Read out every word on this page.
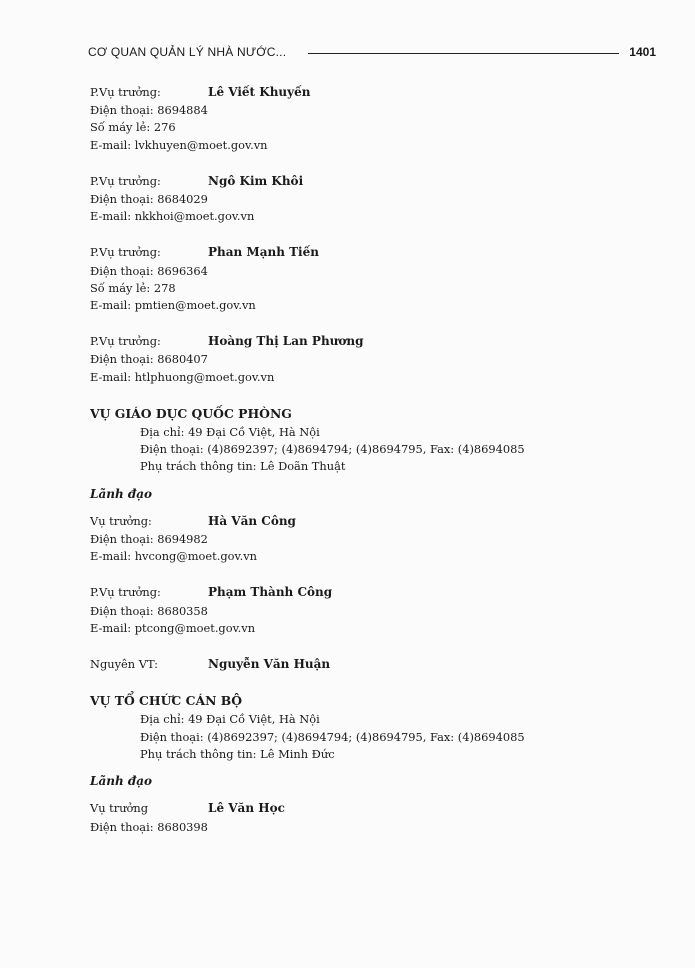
CƠ QUAN QUẢN LÝ NHÀ NƯỚC...	1401
P.Vụ trưởng:	Lê Viết Khuyến
Điện thoại: 8694884
Số máy lẻ: 276
E-mail: lvkhuyen@moet.gov.vn
P.Vụ trưởng:	Ngô Kim Khôi
Điện thoại: 8684029
E-mail: nkkhoi@moet.gov.vn
P.Vụ trưởng:	Phan Mạnh Tiến
Điện thoại: 8696364
Số máy lẻ: 278
E-mail: pmtien@moet.gov.vn
P.Vụ trưởng:	Hoàng Thị Lan Phương
Điện thoại: 8680407
E-mail: htlphuong@moet.gov.vn
VỤ GIÁO DỤC QUỐC PHÒNG
Địa chỉ: 49 Đại Cồ Việt, Hà Nội
Điện thoại: (4)8692397; (4)8694794; (4)8694795, Fax: (4)8694085
Phụ trách thông tin: Lê Doãn Thuật
Lãnh đạo
Vụ trưởng:	Hà Văn Công
Điện thoại: 8694982
E-mail: hvcong@moet.gov.vn
P.Vụ trưởng:	Phạm Thành Công
Điện thoại: 8680358
E-mail: ptcong@moet.gov.vn
Nguyên VT:	Nguyễn Văn Huận
VỤ TỔ CHỨC CÁN BỘ
Địa chỉ: 49 Đại Cồ Việt, Hà Nội
Điện thoại: (4)8692397; (4)8694794; (4)8694795, Fax: (4)8694085
Phụ trách thông tin: Lê Minh Đức
Lãnh đạo
Vụ trưởng	Lê Văn Học
Điện thoại: 8680398
